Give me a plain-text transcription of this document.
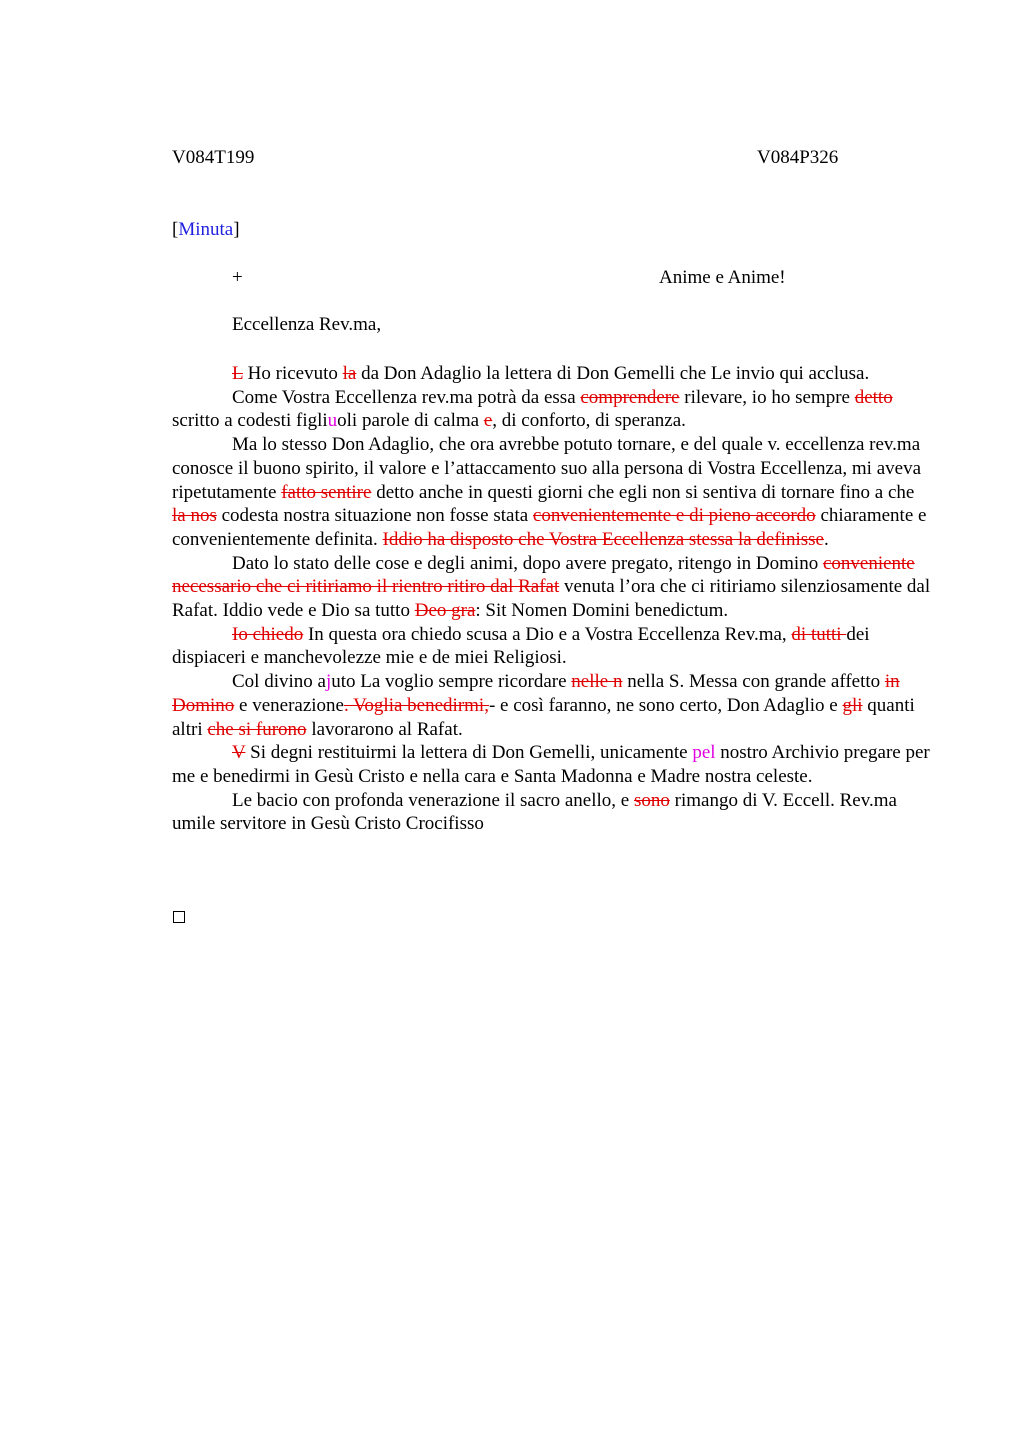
V084T199	V084P326
[Minuta]
+	Anime e Anime!
Eccellenza Rev.ma,

L Ho ricevuto la da Don Adaglio la lettera di Don Gemelli che Le invio qui acclusa.

Come Vostra Eccellenza rev.ma potrà da essa comprendere rilevare, io ho sempre detto scritto a codesti figliuoli parole di calma e, di conforto, di speranza.

Ma lo stesso Don Adaglio, che ora avrebbe potuto tornare, e del quale v. eccellenza rev.ma conosce il buono spirito, il valore e l’attaccamento suo alla persona di Vostra Eccellenza, mi aveva ripetutamente fatto sentire detto anche in questi giorni che egli non si sentiva di tornare fino a che la nos codesta nostra situazione non fosse stata convenientemente e di pieno accordo chiaramente e convenientemente definita. Iddio ha disposto che Vostra Eccellenza stessa la definisse.

Dato lo stato delle cose e degli animi, dopo avere pregato, ritengo in Domino conveniente necessario che ci ritiriamo il rientro ritiro dal Rafat venuta l’ora che ci ritiriamo silenziosamente dal Rafat. Iddio vede e Dio sa tutto Deo gra: Sit Nomen Domini benedictum.

Io chiedo In questa ora chiedo scusa a Dio e a Vostra Eccellenza Rev.ma, di tutti dei dispiaceri e manchevolezze mie e de miei Religiosi.

Col divino ajuto La voglio sempre ricordare nelle n nella S. Messa con grande affetto in Domino e venerazione. Voglia benedirmi,- e così faranno, ne sono certo, Don Adaglio e gli quanti altri che si furono lavorarono al Rafat.

V Si degni restituirmi la lettera di Don Gemelli, unicamente pel nostro Archivio pregare per me e benedirmi in Gesù Cristo e nella cara e Santa Madonna e Madre nostra celeste.

Le bacio con profonda venerazione il sacro anello, e sono rimango di V. Eccell. Rev.ma umile servitore in Gesù Cristo Crocifisso
